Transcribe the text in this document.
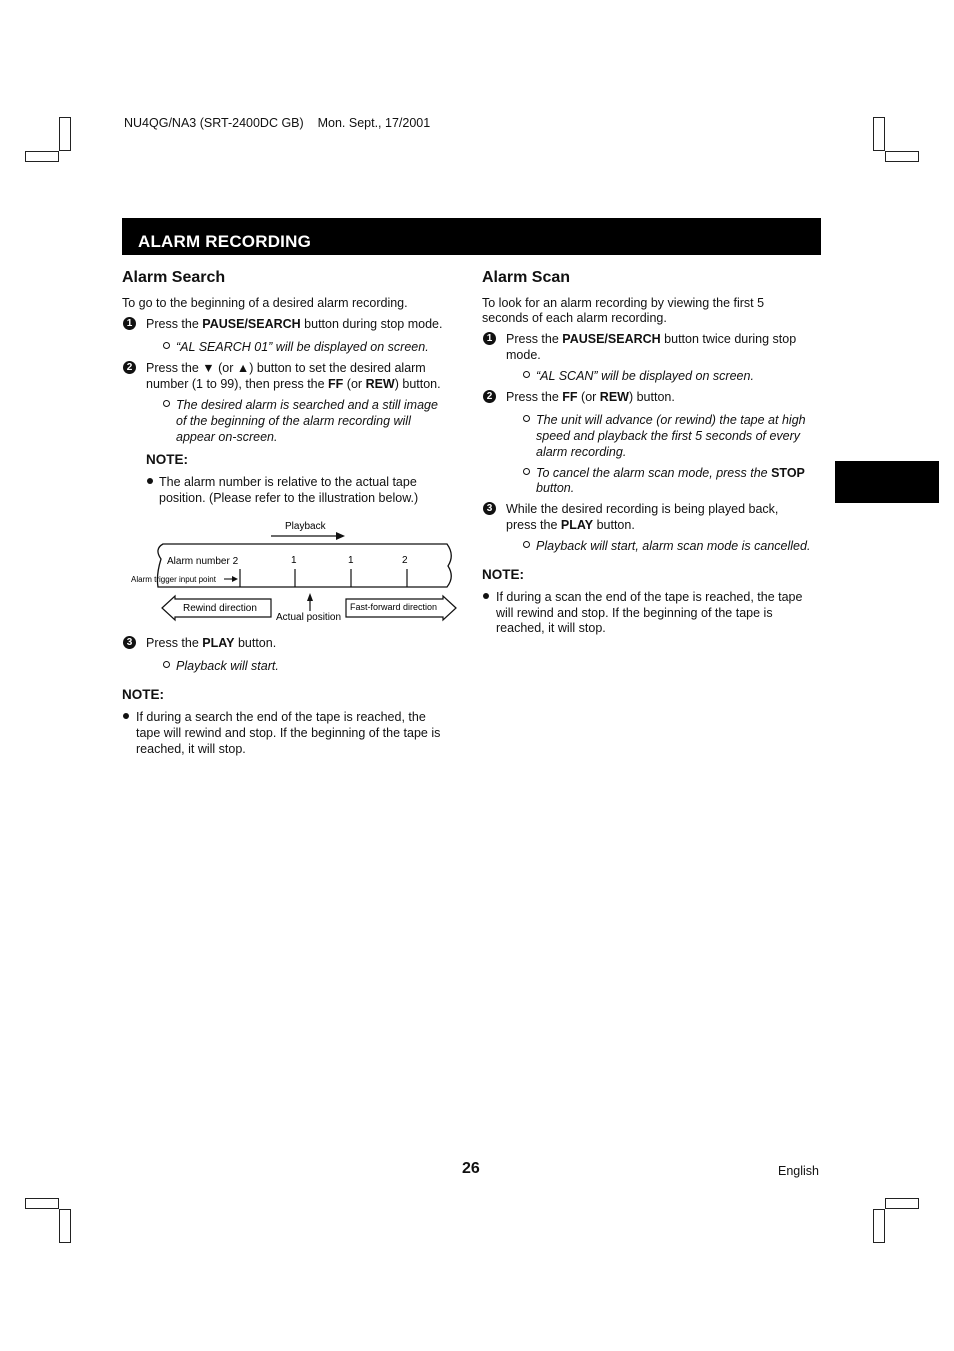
NU4QG/NA3 (SRT-2400DC GB) Mon. Sept., 17/2001
ALARM RECORDING
Alarm Search
To go to the beginning of a desired alarm recording.
1 Press the PAUSE/SEARCH button during stop mode.
“AL SEARCH 01” will be displayed on screen.
2 Press the ▼ (or ▲) button to set the desired alarm
number (1 to 99), then press the FF (or REW) button.
The desired alarm is searched and a still image
of the beginning of the alarm recording will
appear on-screen.
NOTE:
The alarm number is relative to the actual tape
position. (Please refer to the illustration below.)
Playback
Alarm number 2	1	1	2
Alarm trigger input point
Rewind direction
Actual position
Fast-forward direction
3 Press the PLAY button.
Playback will start.
NOTE:
If during a search the end of the tape is reached, the
tape will rewind and stop. If the beginning of the tape is
reached, it will stop.
Alarm Scan
To look for an alarm recording by viewing the first 5
seconds of each alarm recording.
1 Press the PAUSE/SEARCH button twice during stop
mode.
“AL SCAN” will be displayed on screen.
2 Press the FF (or REW) button.
The unit will advance (or rewind) the tape at high
speed and playback the first 5 seconds of every
alarm recording.
To cancel the alarm scan mode, press the STOP
button.
3 While the desired recording is being played back,
press the PLAY button.
Playback will start, alarm scan mode is cancelled.
NOTE:
If during a scan the end of the tape is reached, the tape
will rewind and stop. If the beginning of the tape is
reached, it will stop.
26	English
